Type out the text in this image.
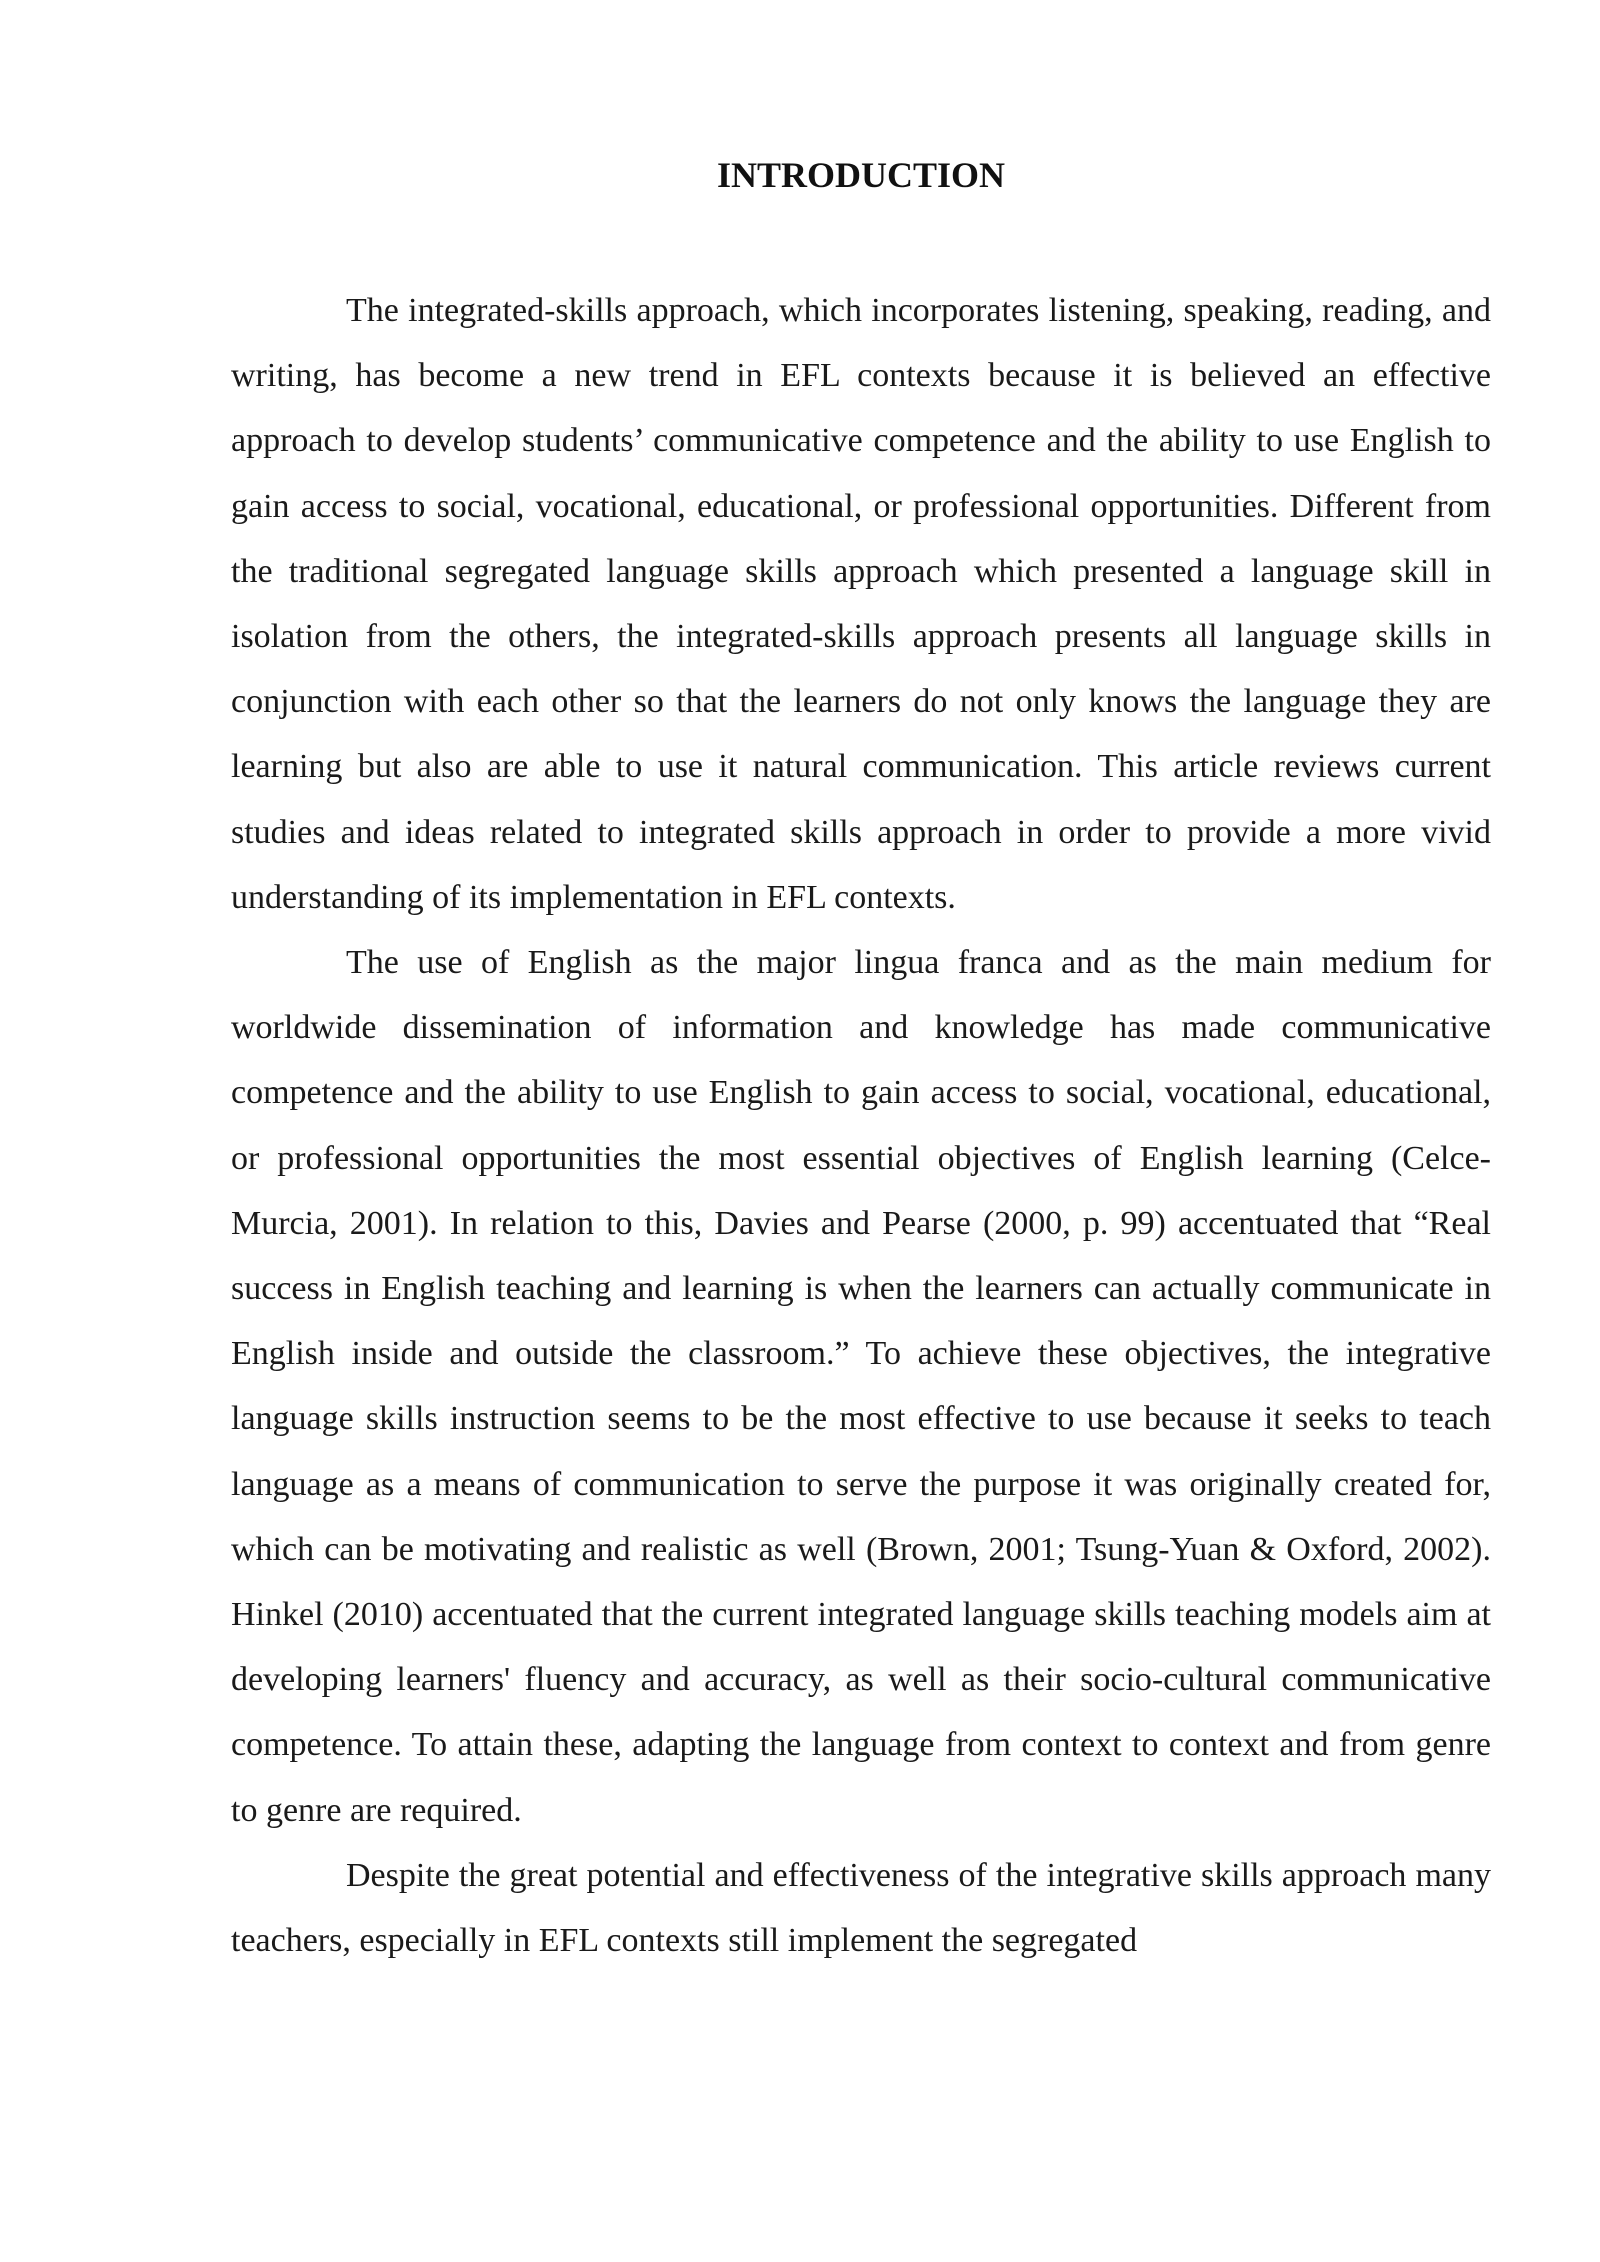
INTRODUCTION

The integrated-skills approach, which incorporates listening, speaking, reading, and writing, has become a new trend in EFL contexts because it is believed an effective approach to develop students’ communicative competence and the ability to use English to gain access to social, vocational, educational, or professional opportunities. Different from the traditional segregated language skills approach which presented a language skill in isolation from the others, the integrated-skills approach presents all language skills in conjunction with each other so that the learners do not only knows the language they are learning but also are able to use it natural communication. This article reviews current studies and ideas related to integrated skills approach in order to provide a more vivid understanding of its implementation in EFL contexts.

The use of English as the major lingua franca and as the main medium for worldwide dissemination of information and knowledge has made communicative competence and the ability to use English to gain access to social, vocational, educational, or professional opportunities the most essential objectives of English learning (Celce-Murcia, 2001). In relation to this, Davies and Pearse (2000, p. 99) accentuated that “Real success in English teaching and learning is when the learners can actually communicate in English inside and outside the classroom.” To achieve these objectives, the integrative language skills instruction seems to be the most effective to use because it seeks to teach language as a means of communication to serve the purpose it was originally created for, which can be motivating and realistic as well (Brown, 2001; Tsung-Yuan & Oxford, 2002). Hinkel (2010) accentuated that the current integrated language skills teaching models aim at developing learners' fluency and accuracy, as well as their socio-cultural communicative competence. To attain these, adapting the language from context to context and from genre to genre are required.

Despite the great potential and effectiveness of the integrative skills approach many teachers, especially in EFL contexts still implement the segregated
